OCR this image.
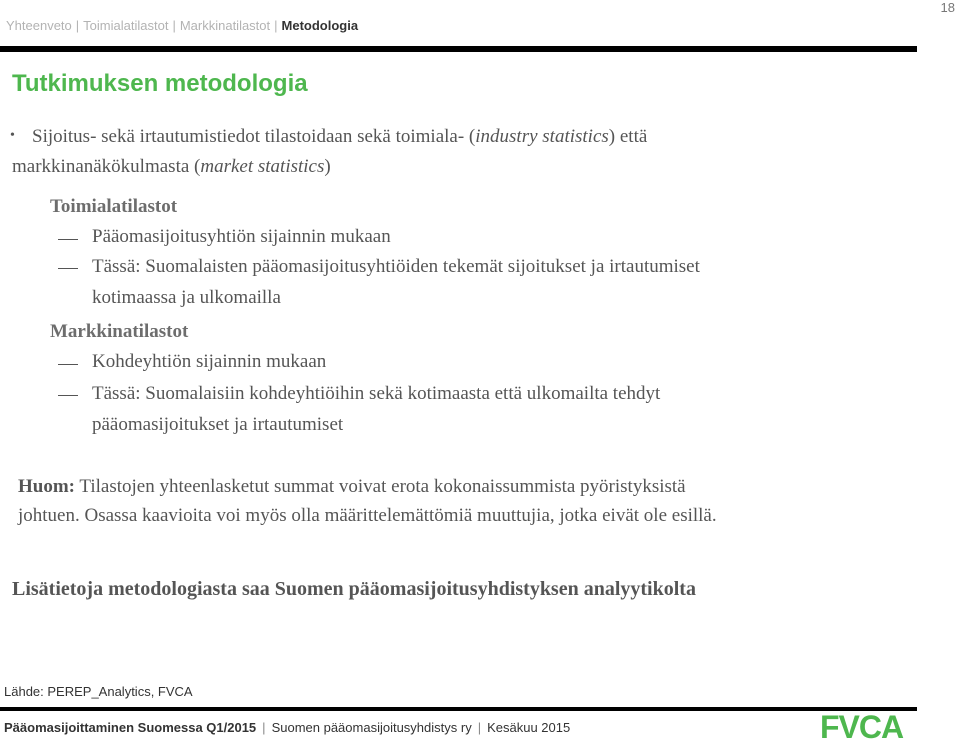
Yhteenveto | Toimialatilastot | Markkinatilastot | Metodologia
18
Tutkimuksen metodologia
• Sijoitus- sekä irtautumistiedot tilastoidaan sekä toimiala- (industry statistics) että
markkinanäkökulmasta (market statistics)
Toimialatilastot
Pääomasijoitusyhtiön sijainnin mukaan
Tässä: Suomalaisten pääomasijoitusyhtiöiden tekemät sijoitukset ja irtautumiset
kotimaassa ja ulkomailla
Markkinatilastot
Kohdeyhtiön sijainnin mukaan
Tässä: Suomalaisiin kohdeyhtiöihin sekä kotimaasta että ulkomailta tehdyt
pääomasijoitukset ja irtautumiset
Huom: Tilastojen yhteenlasketut summat voivat erota kokonaissummista pyöristyksistä
johtuen. Osassa kaavioita voi myös olla määrittelemättömiä muuttujia, jotka eivät ole esillä.
Lisätietoja metodologiasta saa Suomen pääomasijoitusyhdistyksen analyytikolta
Lähde: PEREP_Analytics, FVCA
Pääomasijoittaminen Suomessa Q1/2015 | Suomen pääomasijoitusyhdistys ry | Kesäkuu 2015	FVCA
